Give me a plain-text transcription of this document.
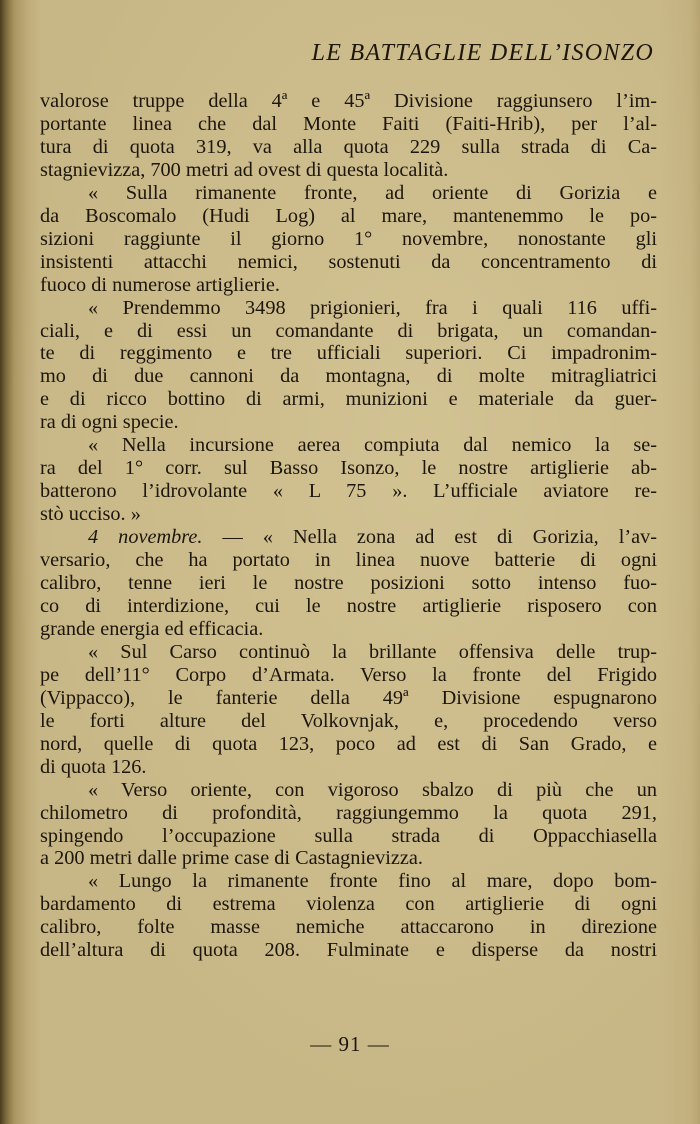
LE BATTAGLIE DELL’ISONZO
valorose truppe della 4ª e 45ª Divisione raggiunsero l’im-
portante linea che dal Monte Faiti (Faiti-Hrib), per l’al-
tura di quota 319, va alla quota 229 sulla strada di Ca-
stagnievizza, 700 metri ad ovest di questa località.
« Sulla rimanente fronte, ad oriente di Gorizia e
da Boscomalo (Hudi Log) al mare, mantenemmo le po-
sizioni raggiunte il giorno 1° novembre, nonostante gli
insistenti attacchi nemici, sostenuti da concentramento di
fuoco di numerose artiglierie.
« Prendemmo 3498 prigionieri, fra i quali 116 uffi-
ciali, e di essi un comandante di brigata, un comandan-
te di reggimento e tre ufficiali superiori. Ci impadronim-
mo di due cannoni da montagna, di molte mitragliatrici
e di ricco bottino di armi, munizioni e materiale da guer-
ra di ogni specie.
« Nella incursione aerea compiuta dal nemico la se-
ra del 1° corr. sul Basso Isonzo, le nostre artiglierie ab-
batterono l’idrovolante « L 75 ». L’ufficiale aviatore re-
stò ucciso. »
4 novembre. — « Nella zona ad est di Gorizia, l’av-
versario, che ha portato in linea nuove batterie di ogni
calibro, tenne ieri le nostre posizioni sotto intenso fuo-
co di interdizione, cui le nostre artiglierie risposero con
grande energia ed efficacia.
« Sul Carso continuò la brillante offensiva delle trup-
pe dell’11° Corpo d’Armata. Verso la fronte del Frigido
(Vippacco), le fanterie della 49ª Divisione espugnarono
le forti alture del Volkovnjak, e, procedendo verso
nord, quelle di quota 123, poco ad est di San Grado, e
di quota 126.
« Verso oriente, con vigoroso sbalzo di più che un
chilometro di profondità, raggiungemmo la quota 291,
spingendo l’occupazione sulla strada di Oppacchiasella
a 200 metri dalle prime case di Castagnievizza.
« Lungo la rimanente fronte fino al mare, dopo bom-
bardamento di estrema violenza con artiglierie di ogni
calibro, folte masse nemiche attaccarono in direzione
dell’altura di quota 208. Fulminate e disperse da nostri
— 91 —
